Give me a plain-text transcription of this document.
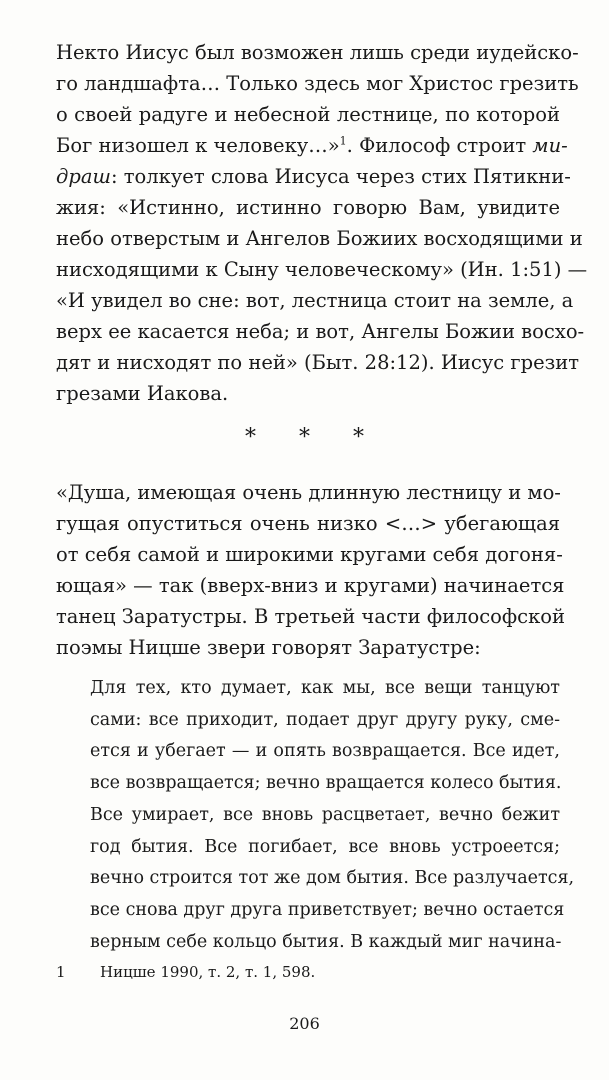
Некто Иисус был возможен лишь среди иудейско-
го ландшафта… Только здесь мог Христос грезить
о своей радуге и небесной лестнице, по которой
Бог низошел к человеку…»$^1$. Философ строит ми-
драш: толкует слова Иисуса через стих Пятикни-
жия: «Истинно, истинно говорю Вам, увидите
небо отверстым и Ангелов Божиих восходящими и
нисходящими к Сыну человеческому» (Ин. 1:51) —
«И увидел во сне: вот, лестница стоит на земле, а
верх ее касается неба; и вот, Ангелы Божии восхо-
дят и нисходят по ней» (Быт. 28:12). Иисус грезит
грезами Иакова.
* * *
«Душа, имеющая очень длинную лестницу и мо-
гущая опуститься очень низко <…> убегающая
от себя самой и широкими кругами себя догоня-
ющая» — так (вверх-вниз и кругами) начинается
танец Заратустры. В третьей части философской
поэмы Ницше звери говорят Заратустре:
Для тех, кто думает, как мы, все вещи танцуют
сами: все приходит, подает друг другу руку, сме-
ется и убегает — и опять возвращается. Все идет,
все возвращается; вечно вращается колесо бытия.
Все умирает, все вновь расцветает, вечно бежит
год бытия. Все погибает, все вновь устроеется;
вечно строится тот же дом бытия. Все разлучается,
все снова друг друга приветствует; вечно остается
верным себе кольцо бытия. В каждый миг начина-
1 Ницше 1990, т. 2, т. 1, 598.
206
